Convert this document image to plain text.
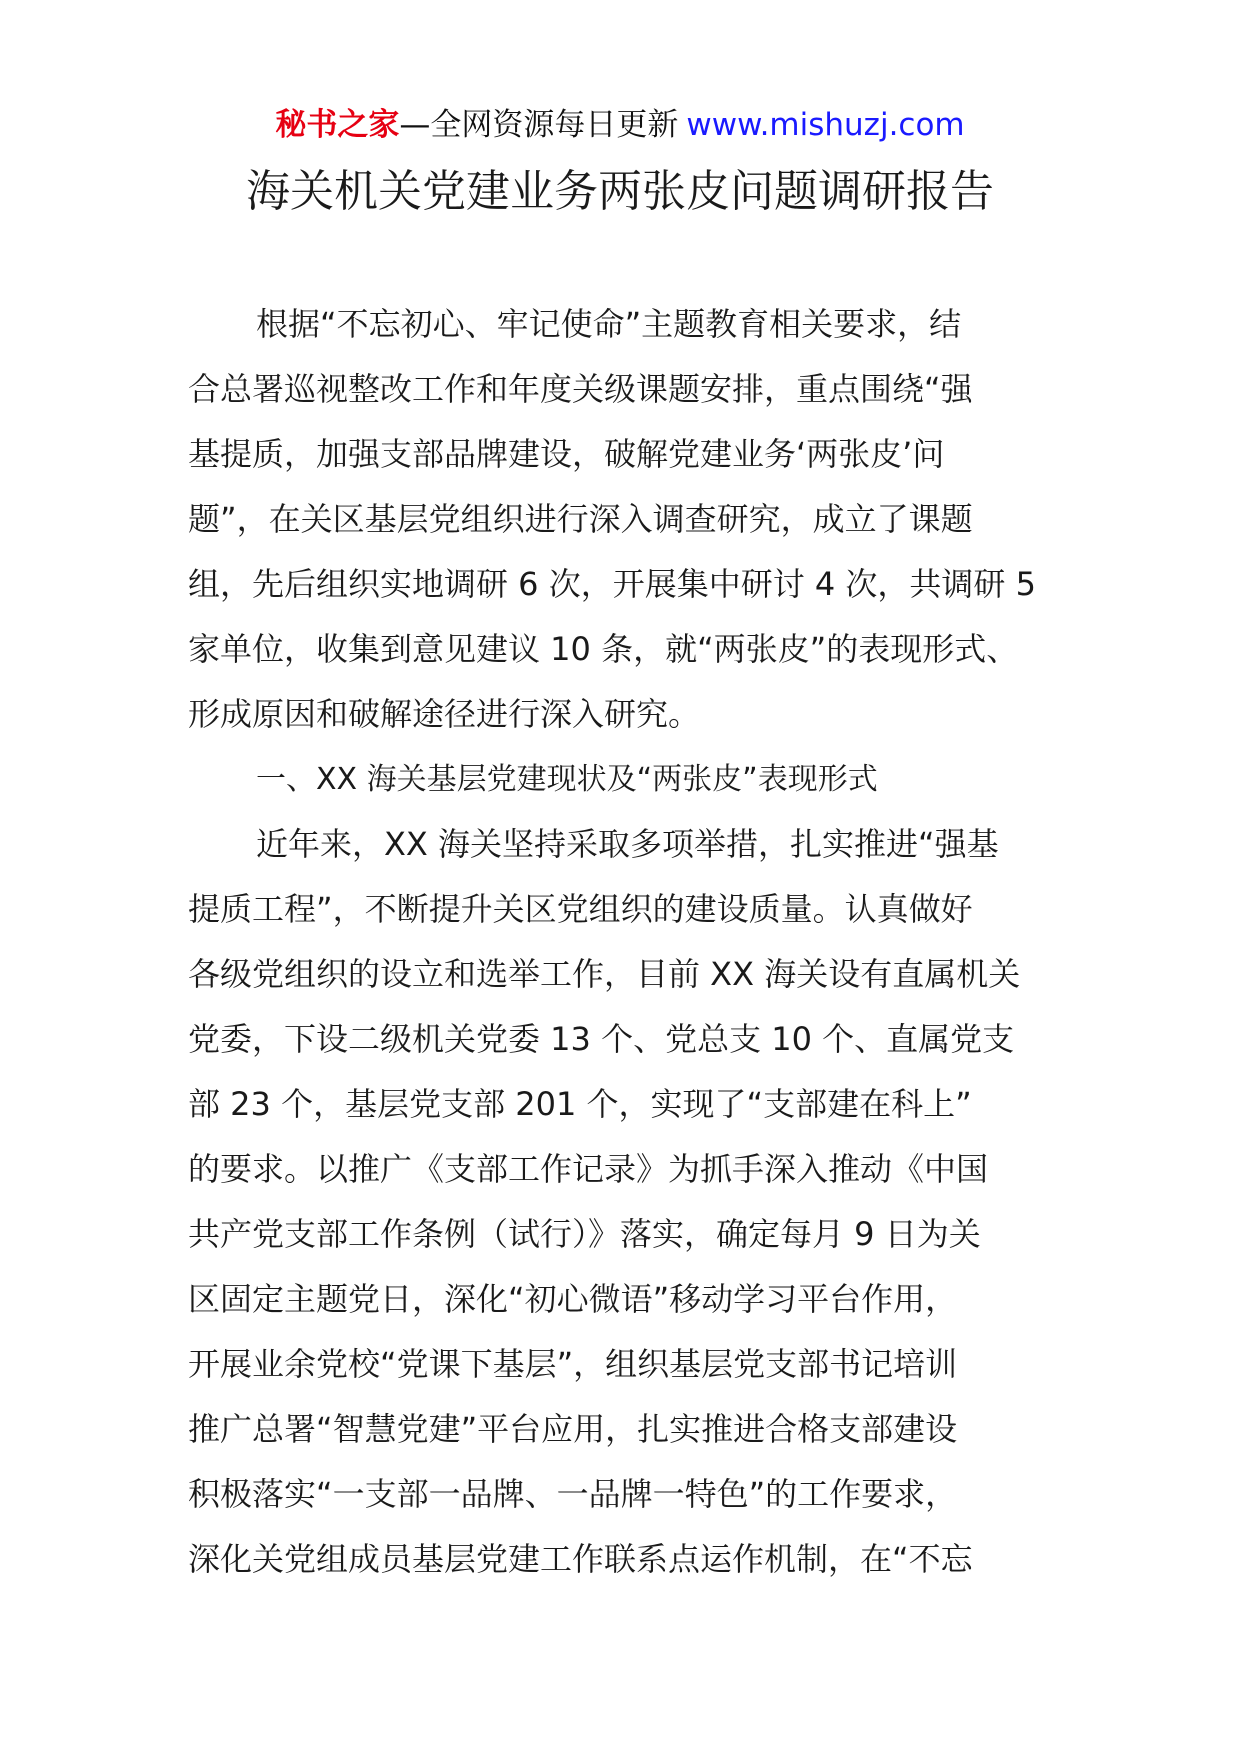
秘书之家—全网资源每日更新 www.mishuzj.com
海关机关党建业务两张皮问题调研报告
根据“不忘初心、牢记使命”主题教育相关要求，结
合总署巡视整改工作和年度关级课题安排，重点围绕“强
基提质，加强支部品牌建设，破解党建业务‘两张皮’问
题”，在关区基层党组织进行深入调查研究，成立了课题
组，先后组织实地调研 6 次，开展集中研讨 4 次，共调研 5
家单位，收集到意见建议 10 条，就“两张皮”的表现形式、
形成原因和破解途径进行深入研究。
一、XX 海关基层党建现状及“两张皮”表现形式
近年来，XX 海关坚持采取多项举措，扎实推进“强基
提质工程”，不断提升关区党组织的建设质量。认真做好
各级党组织的设立和选举工作，目前 XX 海关设有直属机关
党委，下设二级机关党委 13 个、党总支 10 个、直属党支
部 23 个，基层党支部 201 个，实现了“支部建在科上”
的要求。以推广《支部工作记录》为抓手深入推动《中国
共产党支部工作条例（试行）》落实，确定每月 9 日为关
区固定主题党日，深化“初心微语”移动学习平台作用，
开展业余党校“党课下基层”，组织基层党支部书记培训
推广总署“智慧党建”平台应用，扎实推进合格支部建设
积极落实“一支部一品牌、一品牌一特色”的工作要求，
深化关党组成员基层党建工作联系点运作机制，在“不忘
